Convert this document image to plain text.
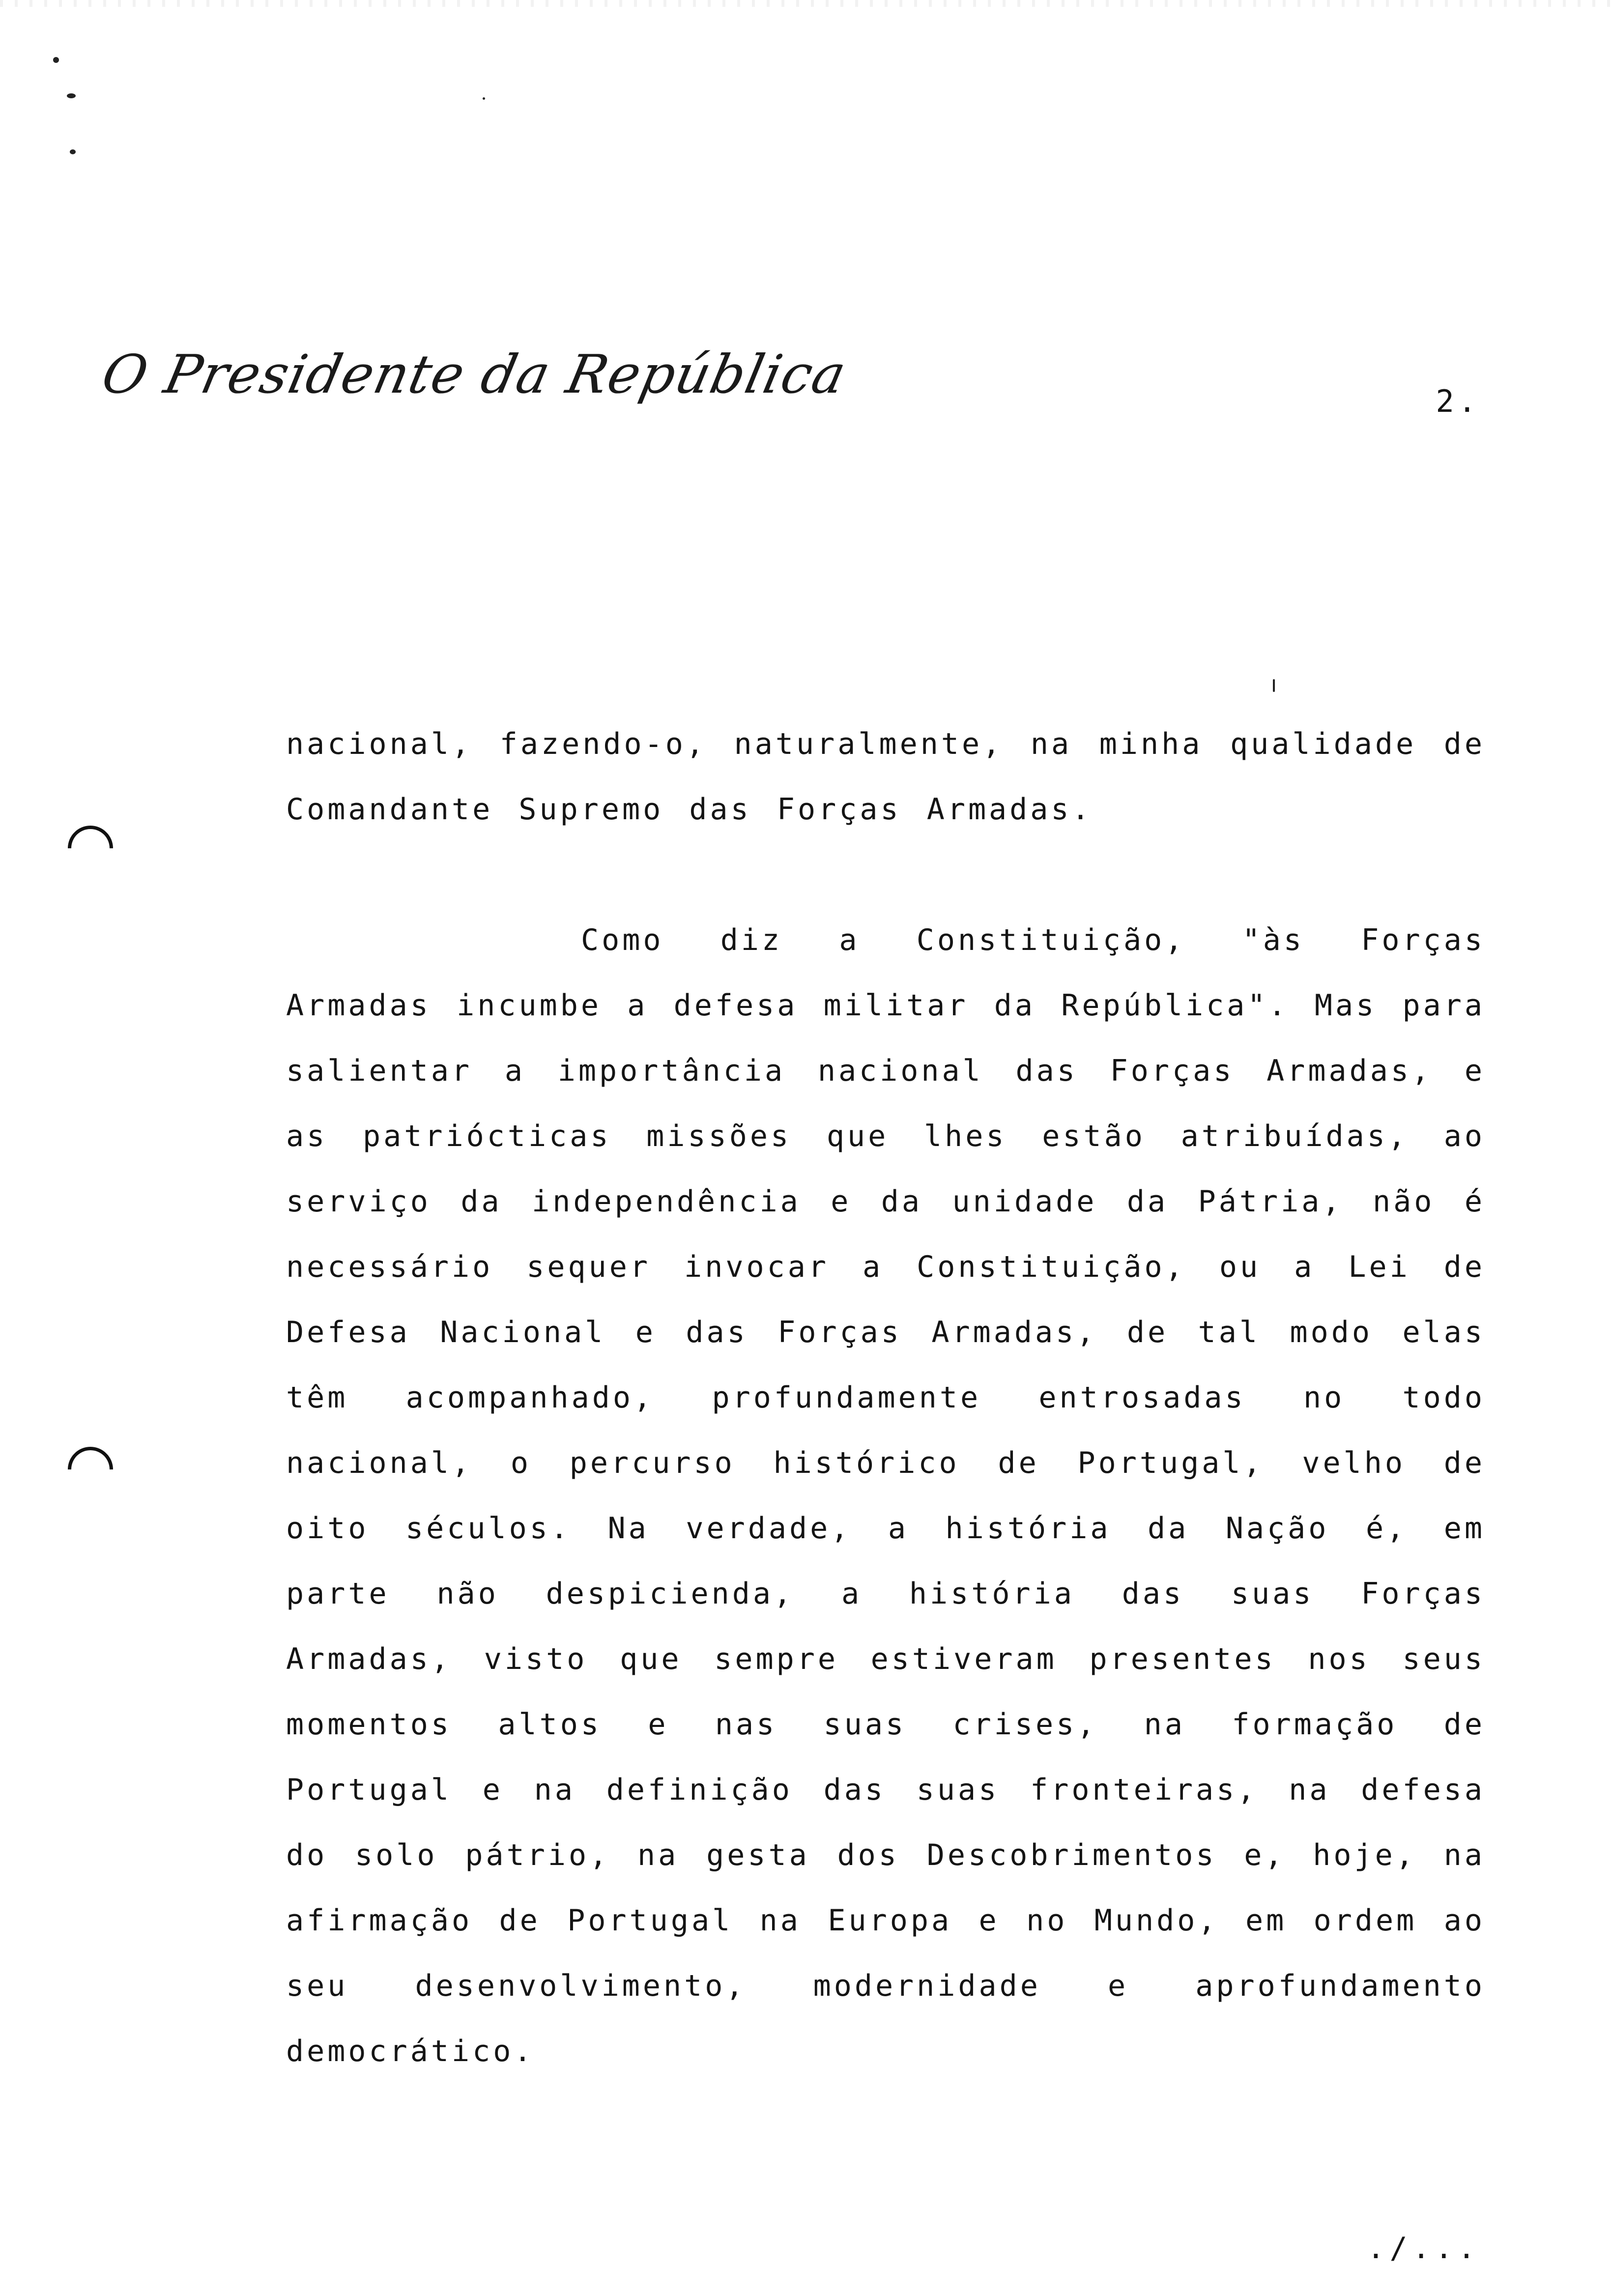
O Presidente da República	2.

nacional, fazendo-o, naturalmente, na minha qualidade de Comandante Supremo das Forças Armadas.

Como diz a Constituição, "às Forças Armadas incumbe a defesa militar da República". Mas para salientar a importância nacional das Forças Armadas, e as patriócticas missões que lhes estão atribuídas, ao serviço da independência e da unidade da Pátria, não é necessário sequer invocar a Constituição, ou a Lei de Defesa Nacional e das Forças Armadas, de tal modo elas têm acompanhado, profundamente entrosadas no todo nacional, o percurso histórico de Portugal, velho de oito séculos. Na verdade, a história da Nação é, em parte não despicienda, a história das suas Forças Armadas, visto que sempre estiveram presentes nos seus momentos altos e nas suas crises, na formação de Portugal e na definição das suas fronteiras, na defesa do solo pátrio, na gesta dos Descobrimentos e, hoje, na afirmação de Portugal na Europa e no Mundo, em ordem ao seu desenvolvimento, modernidade e aprofundamento democrático.

./...
